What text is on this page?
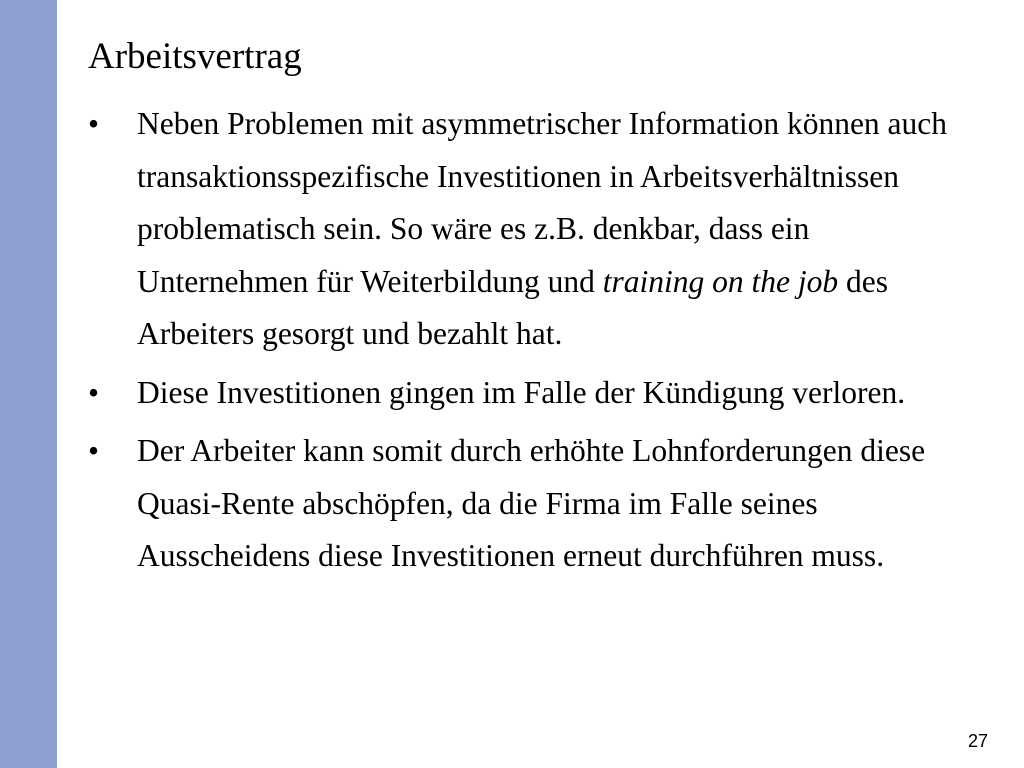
Arbeitsvertrag
•	Neben Problemen mit asymmetrischer Information können auch transaktionsspezifische Investitionen in Arbeitsverhältnissen problematisch sein. So wäre es z.B. denkbar, dass ein Unternehmen für Weiterbildung und training on the job des Arbeiters gesorgt und bezahlt hat.
•	Diese Investitionen gingen im Falle der Kündigung verloren.
•	Der Arbeiter kann somit durch erhöhte Lohnforderungen diese Quasi-Rente abschöpfen, da die Firma im Falle seines Ausscheidens diese Investitionen erneut durchführen muss.
27
